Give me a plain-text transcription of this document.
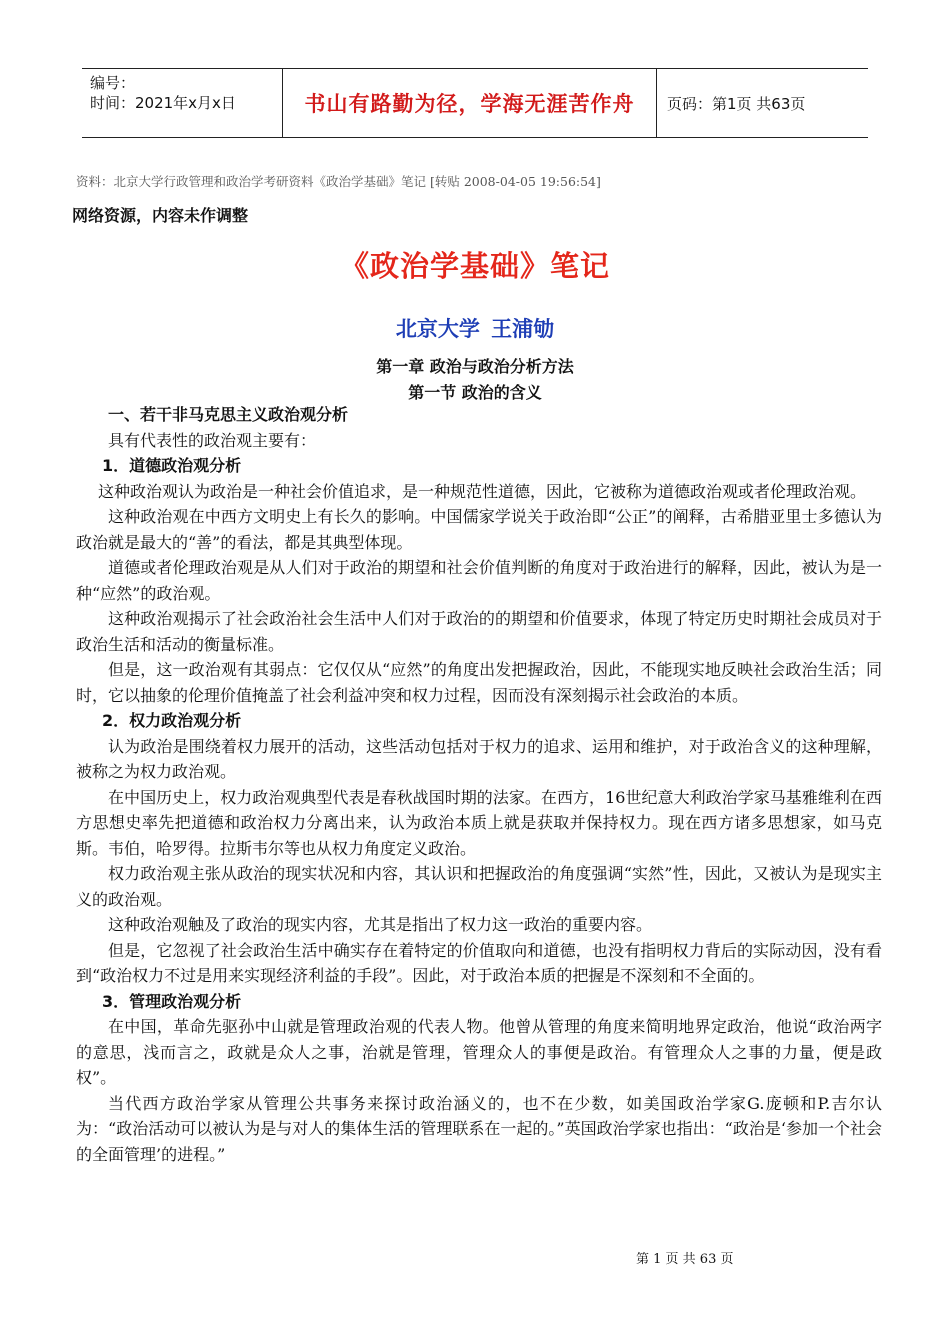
编号：
时间：2021年x月x日	书山有路勤为径，学海无涯苦作舟	页码：第1页 共63页
资料：北京大学行政管理和政治学考研资料《政治学基础》笔记 [转贴 2008-04-05 19:56:54]
网络资源，内容未作调整
《政治学基础》笔记
北京大学 王浦劬
第一章 政治与政治分析方法
第一节 政治的含义

一、若干非马克思主义政治观分析

具有代表性的政治观主要有：

1．道德政治观分析

这种政治观认为政治是一种社会价值追求，是一种规范性道德，因此，它被称为道德政治观或者伦理政治观。

这种政治观在中西方文明史上有长久的影响。中国儒家学说关于政治即“公正”的阐释，古希腊亚里士多德认为政治就是最大的“善”的看法，都是其典型体现。

道德或者伦理政治观是从人们对于政治的期望和社会价值判断的角度对于政治进行的解释，因此，被认为是一种“应然”的政治观。

这种政治观揭示了社会政治社会生活中人们对于政治的的期望和价值要求，体现了特定历史时期社会成员对于政治生活和活动的衡量标准。

但是，这一政治观有其弱点：它仅仅从“应然”的角度出发把握政治，因此，不能现实地反映社会政治生活；同时，它以抽象的伦理价值掩盖了社会利益冲突和权力过程，因而没有深刻揭示社会政治的本质。

2．权力政治观分析

认为政治是围绕着权力展开的活动，这些活动包括对于权力的追求、运用和维护，对于政治含义的这种理解，被称之为权力政治观。

在中国历史上，权力政治观典型代表是春秋战国时期的法家。在西方，16世纪意大利政治学家马基雅维利在西方思想史率先把道德和政治权力分离出来，认为政治本质上就是获取并保持权力。现在西方诸多思想家，如马克斯。韦伯，哈罗得。拉斯韦尔等也从权力角度定义政治。

权力政治观主张从政治的现实状况和内容，其认识和把握政治的角度强调“实然”性，因此，又被认为是现实主义的政治观。

这种政治观触及了政治的现实内容，尤其是指出了权力这一政治的重要内容。

但是，它忽视了社会政治生活中确实存在着特定的价值取向和道德，也没有指明权力背后的实际动因，没有看到“政治权力不过是用来实现经济利益的手段”。因此，对于政治本质的把握是不深刻和不全面的。

3．管理政治观分析

在中国，革命先驱孙中山就是管理政治观的代表人物。他曾从管理的角度来简明地界定政治，他说“政治两字的意思，浅而言之，政就是众人之事，治就是管理，管理众人的事便是政治。有管理众人之事的力量，便是政权”。

当代西方政治学家从管理公共事务来探讨政治涵义的，也不在少数，如美国政治学家G.庞顿和P.吉尔认为：“政治活动可以被认为是与对人的集体生活的管理联系在一起的。”英国政治学家也指出：“政治是‘参加一个社会的全面管理’的进程。”

第 1 页 共 63 页
